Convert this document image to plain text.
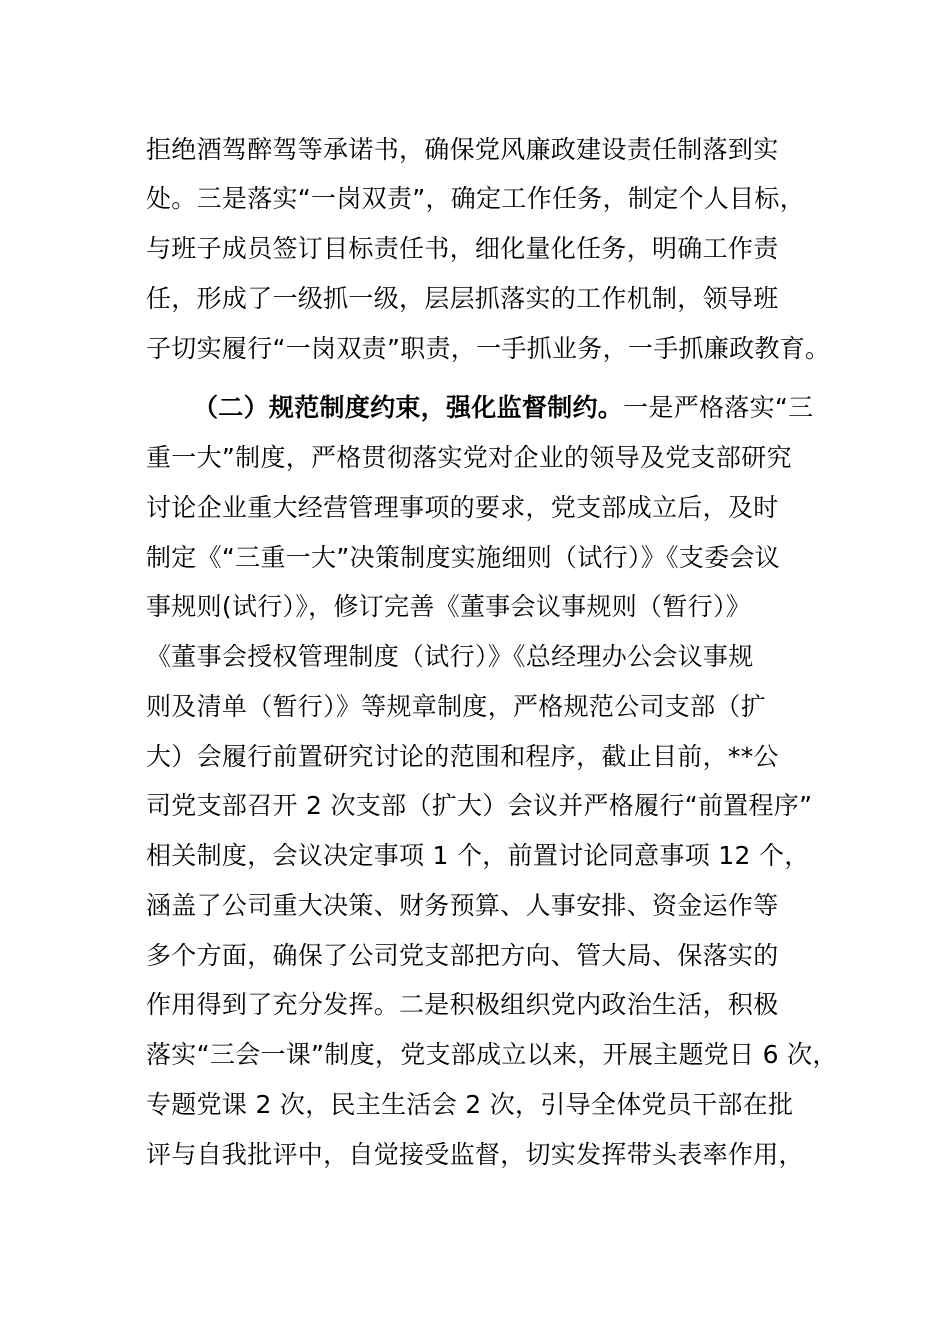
拒绝酒驾醉驾等承诺书，确保党风廉政建设责任制落到实
处。三是落实“一岗双责”，确定工作任务，制定个人目标，
与班子成员签订目标责任书，细化量化任务，明确工作责
任，形成了一级抓一级，层层抓落实的工作机制，领导班
子切实履行“一岗双责”职责，一手抓业务，一手抓廉政教育。
（二）规范制度约束，强化监督制约。一是严格落实“三
重一大”制度，严格贯彻落实党对企业的领导及党支部研究
讨论企业重大经营管理事项的要求，党支部成立后，及时
制定《“三重一大”决策制度实施细则（试行）》《支委会议
事规则(试行）》，修订完善《董事会议事规则（暂行）》
《董事会授权管理制度（试行）》《总经理办公会议事规
则及清单（暂行）》等规章制度，严格规范公司支部（扩
大）会履行前置研究讨论的范围和程序，截止目前，**公
司党支部召开 2 次支部（扩大）会议并严格履行“前置程序”
相关制度，会议决定事项 1 个，前置讨论同意事项 12 个，
涵盖了公司重大决策、财务预算、人事安排、资金运作等
多个方面，确保了公司党支部把方向、管大局、保落实的
作用得到了充分发挥。二是积极组织党内政治生活，积极
落实“三会一课”制度，党支部成立以来，开展主题党日 6 次，
专题党课 2 次，民主生活会 2 次，引导全体党员干部在批
评与自我批评中，自觉接受监督，切实发挥带头表率作用，
